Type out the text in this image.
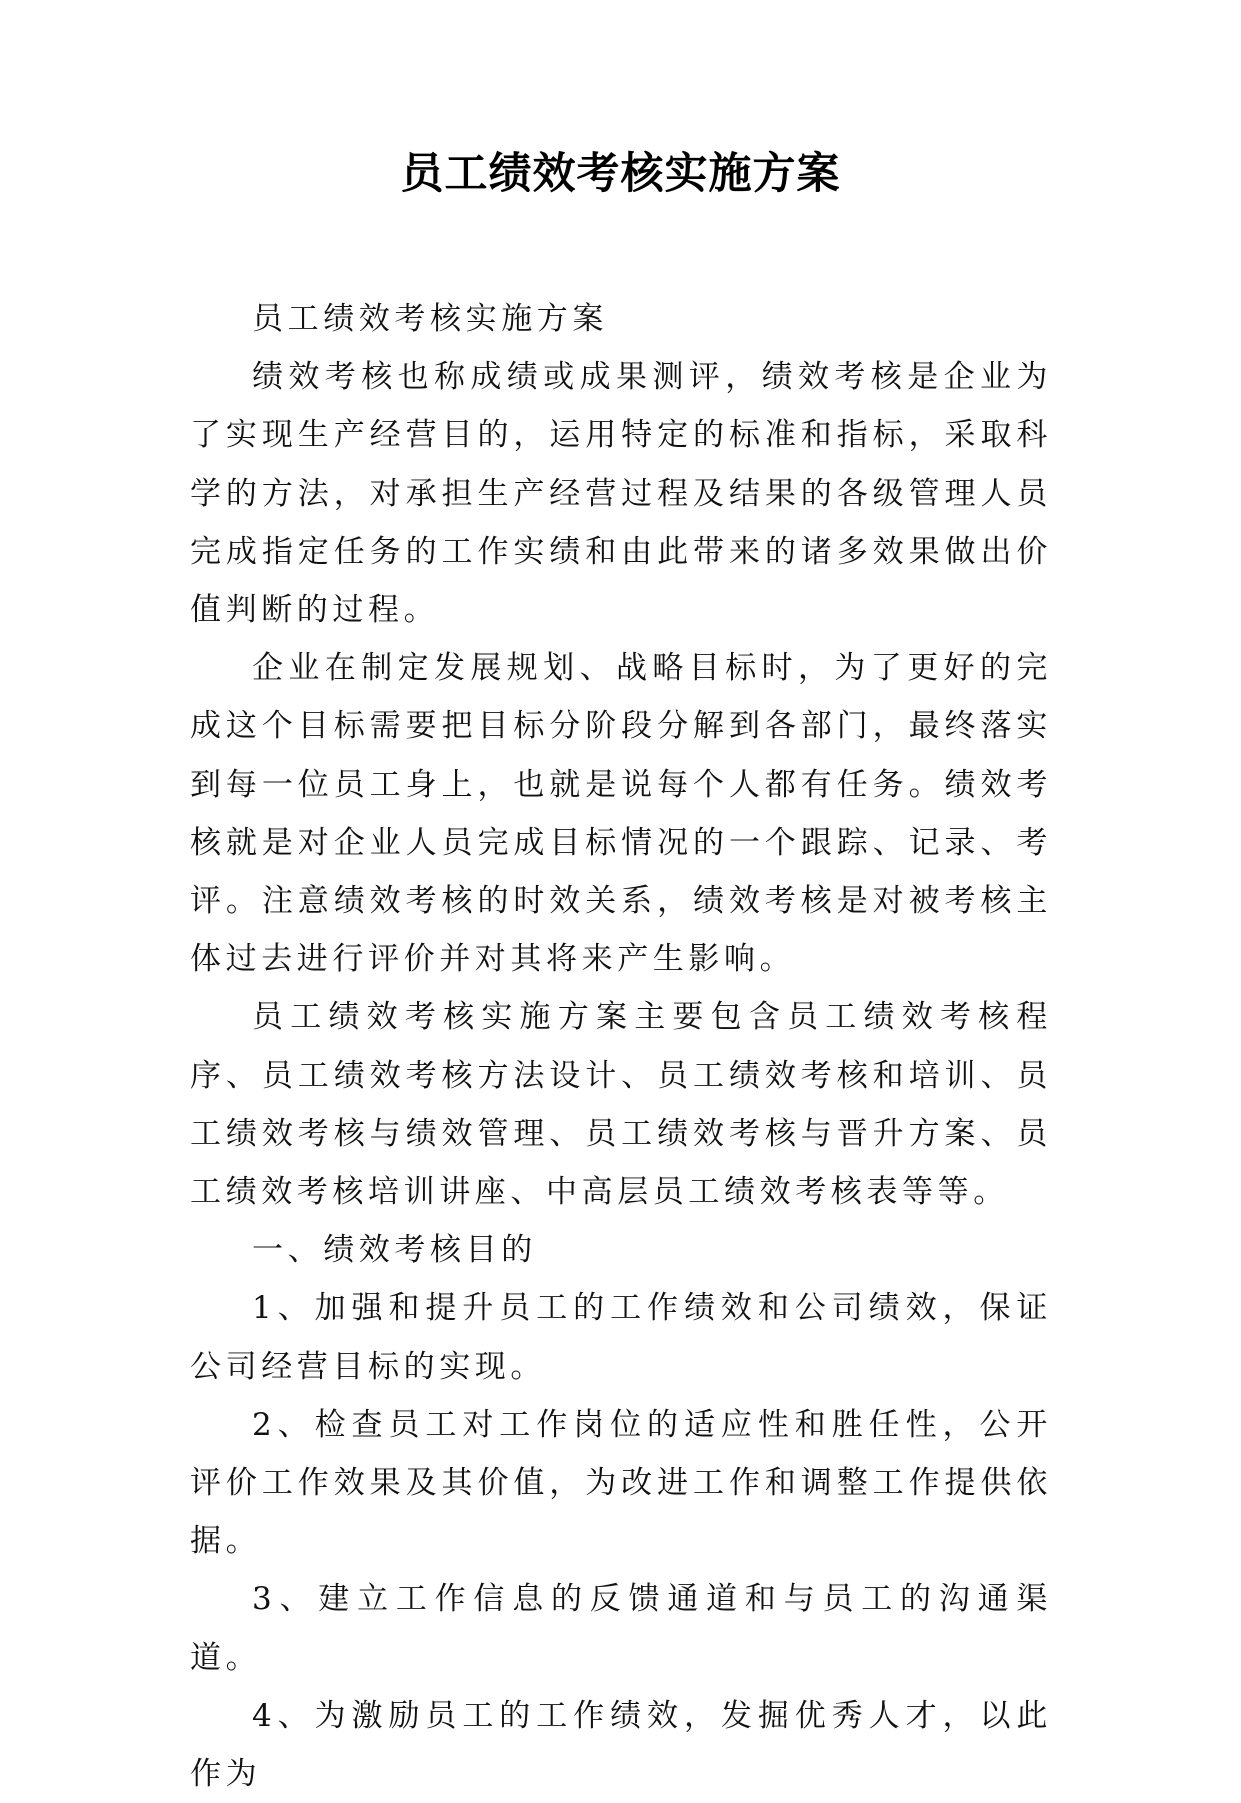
员工绩效考核实施方案

员工绩效考核实施方案

绩效考核也称成绩或成果测评，绩效考核是企业为了实现生产经营目的，运用特定的标准和指标，采取科学的方法，对承担生产经营过程及结果的各级管理人员完成指定任务的工作实绩和由此带来的诸多效果做出价值判断的过程。

企业在制定发展规划、战略目标时，为了更好的完成这个目标需要把目标分阶段分解到各部门，最终落实到每一位员工身上，也就是说每个人都有任务。绩效考核就是对企业人员完成目标情况的一个跟踪、记录、考评。注意绩效考核的时效关系，绩效考核是对被考核主体过去进行评价并对其将来产生影响。

员工绩效考核实施方案主要包含员工绩效考核程序、员工绩效考核方法设计、员工绩效考核和培训、员工绩效考核与绩效管理、员工绩效考核与晋升方案、员工绩效考核培训讲座、中高层员工绩效考核表等等。

一、绩效考核目的

1、加强和提升员工的工作绩效和公司绩效，保证公司经营目标的实现。

2、检查员工对工作岗位的适应性和胜任性，公开评价工作效果及其价值，为改进工作和调整工作提供依据。

3、建立工作信息的反馈通道和与员工的沟通渠道。

4、为激励员工的工作绩效，发掘优秀人才，以此作为
